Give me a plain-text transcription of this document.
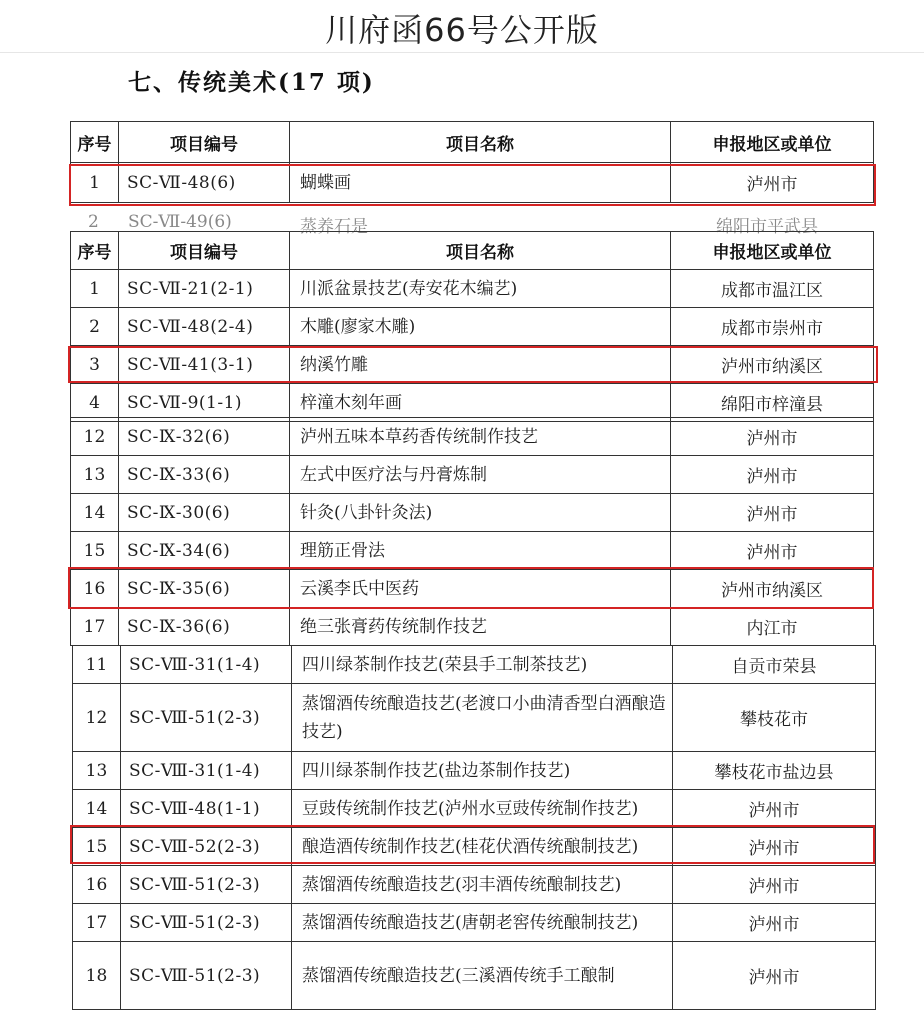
川府函66号公开版
七、传统美术(17 项)
序号	项目编号	项目名称	申报地区或单位
1	SC-Ⅶ-48(6)	蝴蝶画	泸州市
2 SC-Ⅶ-49(6)	蒸养石是	绵阳市平武县
序号	项目编号	项目名称	申报地区或单位
1	SC-Ⅶ-21(2-1)	川派盆景技艺(寿安花木编艺)	成都市温江区
2	SC-Ⅶ-48(2-4)	木雕(廖家木雕)	成都市崇州市
3	SC-Ⅶ-41(3-1)	纳溪竹雕	泸州市纳溪区
4	SC-Ⅶ-9(1-1)	梓潼木刻年画	绵阳市梓潼县
12	SC-Ⅸ-32(6)	泸州五味本草药香传统制作技艺	泸州市
13	SC-Ⅸ-33(6)	左式中医疗法与丹膏炼制	泸州市
14	SC-Ⅸ-30(6)	针灸(八卦针灸法)	泸州市
15	SC-Ⅸ-34(6)	理筋正骨法	泸州市
16	SC-Ⅸ-35(6)	云溪李氏中医药	泸州市纳溪区
17	SC-Ⅸ-36(6)	绝三张膏药传统制作技艺	内江市
11	SC-Ⅷ-31(1-4)	四川绿茶制作技艺(荣县手工制茶技艺)	自贡市荣县
12	SC-Ⅷ-51(2-3)	蒸馏酒传统酿造技艺(老渡口小曲清香型白酒酿造技艺)	攀枝花市
13	SC-Ⅷ-31(1-4)	四川绿茶制作技艺(盐边茶制作技艺)	攀枝花市盐边县
14	SC-Ⅷ-48(1-1)	豆豉传统制作技艺(泸州水豆豉传统制作技艺)	泸州市
15	SC-Ⅷ-52(2-3)	酿造酒传统制作技艺(桂花伏酒传统酿制技艺)	泸州市
16	SC-Ⅷ-51(2-3)	蒸馏酒传统酿造技艺(羽丰酒传统酿制技艺)	泸州市
17	SC-Ⅷ-51(2-3)	蒸馏酒传统酿造技艺(唐朝老窖传统酿制技艺)	泸州市
18	SC-Ⅷ-51(2-3)	蒸馏酒传统酿造技艺(三溪酒传统手工酿制	泸州市
